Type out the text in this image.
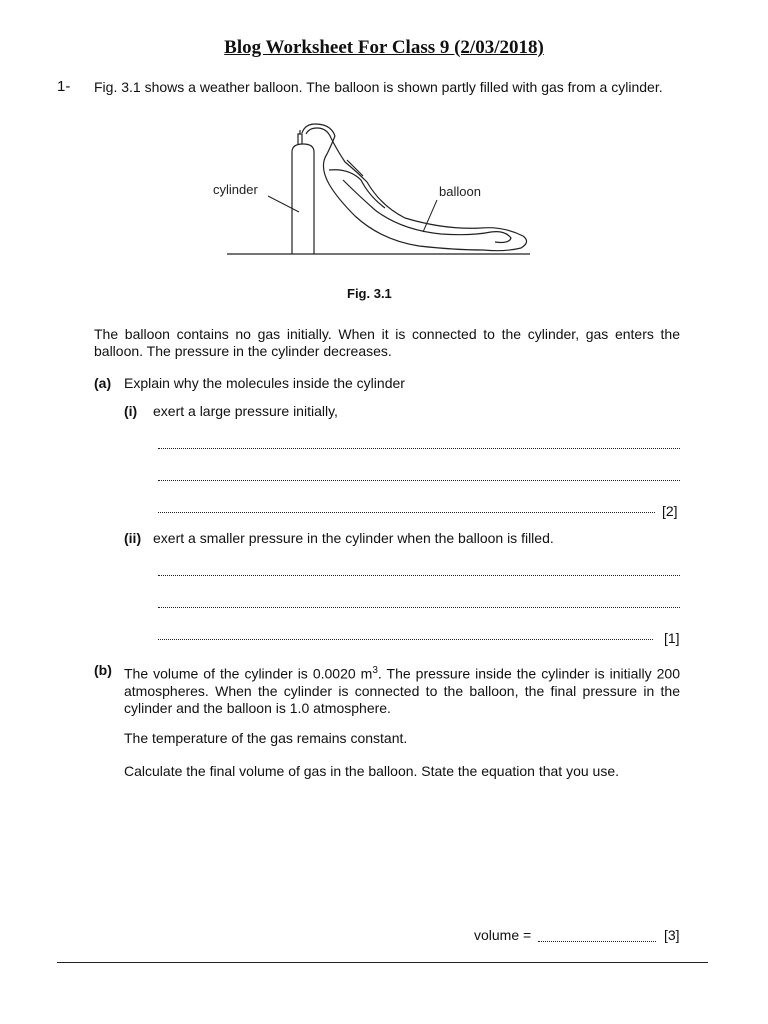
Blog Worksheet For Class 9 (2/03/2018)
1- Fig. 3.1 shows a weather balloon. The balloon is shown partly filled with gas from a cylinder.
cylinder	balloon
Fig. 3.1
The balloon contains no gas initially. When it is connected to the cylinder, gas enters the balloon. The pressure in the cylinder decreases.
(a) Explain why the molecules inside the cylinder
(i) exert a large pressure initially,
[2]
(ii) exert a smaller pressure in the cylinder when the balloon is filled.
[1]
(b) The volume of the cylinder is 0.0020 $m^3$. The pressure inside the cylinder is initially 200 atmospheres. When the cylinder is connected to the balloon, the final pressure in the cylinder and the balloon is 1.0 atmosphere.
The temperature of the gas remains constant.
Calculate the final volume of gas in the balloon. State the equation that you use.
volume =	[3]
